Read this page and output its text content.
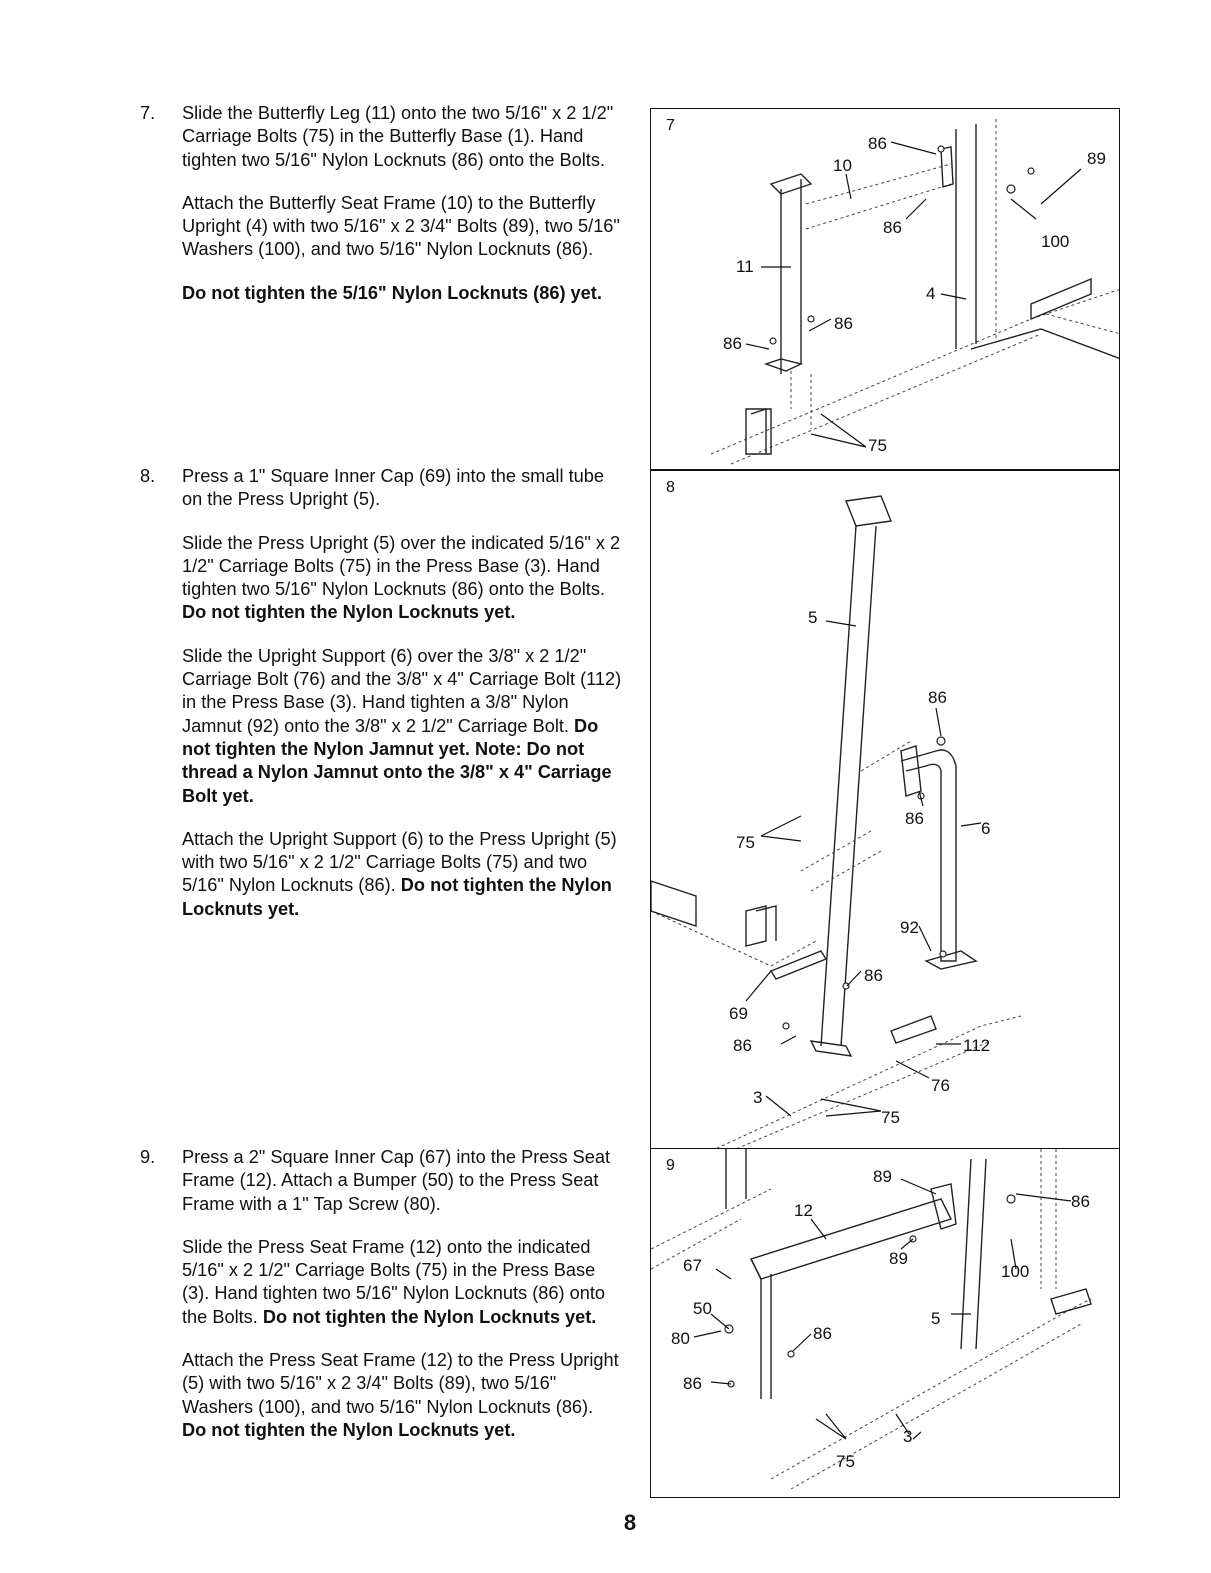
7. Slide the Butterfly Leg (11) onto the two 5/16" x 2 1/2" Carriage Bolts (75) in the Butterfly Base (1). Hand tighten two 5/16" Nylon Locknuts (86) onto the Bolts.

Attach the Butterfly Seat Frame (10) to the Butterfly Upright (4) with two 5/16" x 2 3/4" Bolts (89), two 5/16" Washers (100), and two 5/16" Nylon Locknuts (86).

Do not tighten the 5/16" Nylon Locknuts (86) yet.

8. Press a 1" Square Inner Cap (69) into the small tube on the Press Upright (5).

Slide the Press Upright (5) over the indicated 5/16" x 2 1/2" Carriage Bolts (75) in the Press Base (3). Hand tighten two 5/16" Nylon Locknuts (86) onto the Bolts. Do not tighten the Nylon Locknuts yet.

Slide the Upright Support (6) over the 3/8" x 2 1/2" Carriage Bolt (76) and the 3/8" x 4" Carriage Bolt (112) in the Press Base (3). Hand tighten a 3/8" Nylon Jamnut (92) onto the 3/8" x 2 1/2" Carriage Bolt. Do not tighten the Nylon Jamnut yet. Note: Do not thread a Nylon Jamnut onto the 3/8" x 4" Carriage Bolt yet.

Attach the Upright Support (6) to the Press Upright (5) with two 5/16" x 2 1/2" Carriage Bolts (75) and two 5/16" Nylon Locknuts (86). Do not tighten the Nylon Locknuts yet.

9. Press a 2" Square Inner Cap (67) into the Press Seat Frame (12). Attach a Bumper (50) to the Press Seat Frame with a 1" Tap Screw (80).

Slide the Press Seat Frame (12) onto the indicated 5/16" x 2 1/2" Carriage Bolts (75) in the Press Base (3). Hand tighten two 5/16" Nylon Locknuts (86) onto the Bolts. Do not tighten the Nylon Locknuts yet.

Attach the Press Seat Frame (12) to the Press Upright (5) with two 5/16" x 2 3/4" Bolts (89), two 5/16" Washers (100), and two 5/16" Nylon Locknuts (86). Do not tighten the Nylon Locknuts yet.

86
10	89
86
100
11
4
86
86
75
7
5
86
86
6
75
92
86
69
86	112
76
3
75
8
89
86
12
89
67	100
50
5
80	86
86
3
75
9
8
